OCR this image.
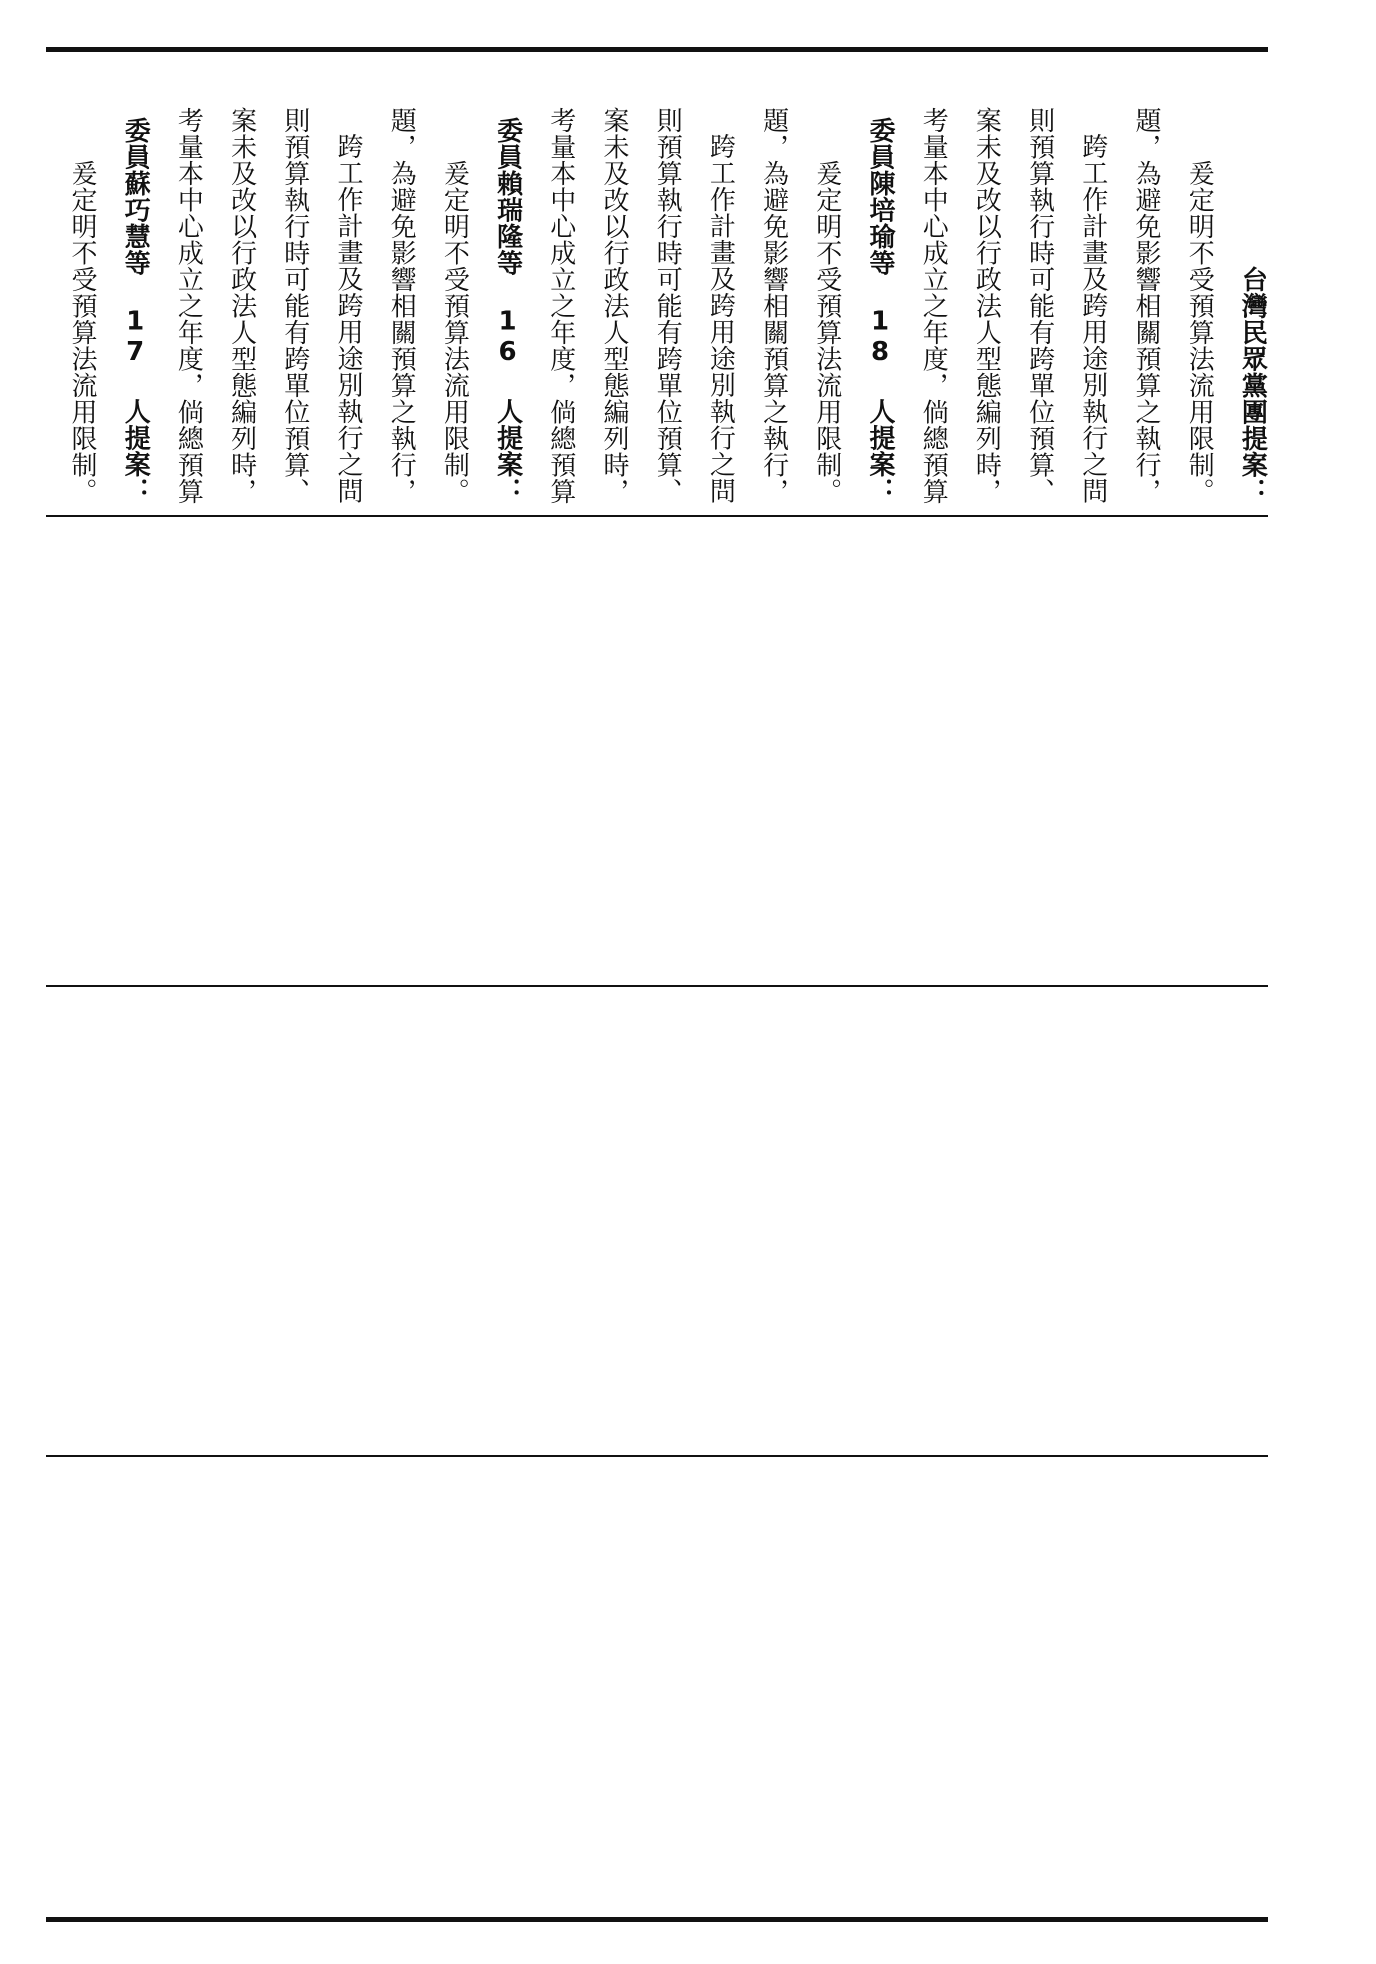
爰定明不受預算法流用限制。 委員蘇巧慧等 17 人提案： 考量本中心成立之年度，倘總預算 案未及改以行政法人型態編列時， 則預算執行時可能有跨單位預算、 跨工作計畫及跨用途別執行之問 題，為避免影響相關預算之執行， 爰定明不受預算法流用限制。 委員賴瑞隆等 16 人提案： 考量本中心成立之年度，倘總預算 案未及改以行政法人型態編列時， 則預算執行時可能有跨單位預算、 跨工作計畫及跨用途別執行之問 題，為避免影響相關預算之執行， 爰定明不受預算法流用限制。 委員陳培瑜等 18 人提案： 考量本中心成立之年度，倘總預算 案未及改以行政法人型態編列時， 則預算執行時可能有跨單位預算、 跨工作計畫及跨用途別執行之問 題，為避免影響相關預算之執行， 爰定明不受預算法流用限制。 台灣民眾黨團提案：
